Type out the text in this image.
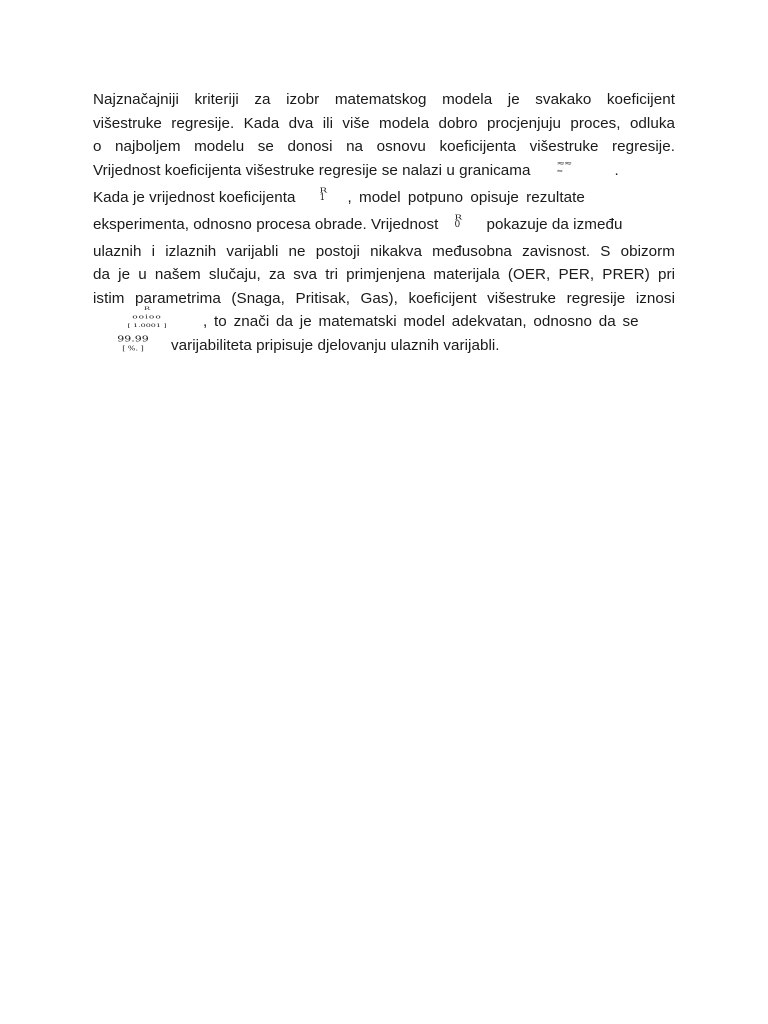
Najznačajniji kriteriji za izobr matematskog modela je svakako koeficijent
višestruke regresije. Kada dva ili više modela dobro procjenjuju proces, odluka
o najboljem modelu se donosi na osnovu koeficijenta višestruke regresije.
Vrijednost koeficijenta višestruke regresije se nalazi u granicama	≈≈
≈	.
Kada je vrijednost koeficijenta R
1	, model potpuno opisuje rezultate
eksperimenta, odnosno procesa obrade. Vrijednost R
0	pokazuje da između
ulaznih i izlaznih varijabli ne postoji nikakva međusobna zavisnost. S obizorm
da je u našem slučaju, za sva tri primjenjena materijala (OER, PER, PRER) pri
istim parametrima (Snaga, Pritisak, Gas), koeficijent višestruke regresije iznosi
, to znači da je matematski model adekvatan, odnosno da se
varijabiliteta pripisuje djelovanju ulaznih varijabli.
R
ooioo
[ 1.0001 ]
99.99
[ %. ]
